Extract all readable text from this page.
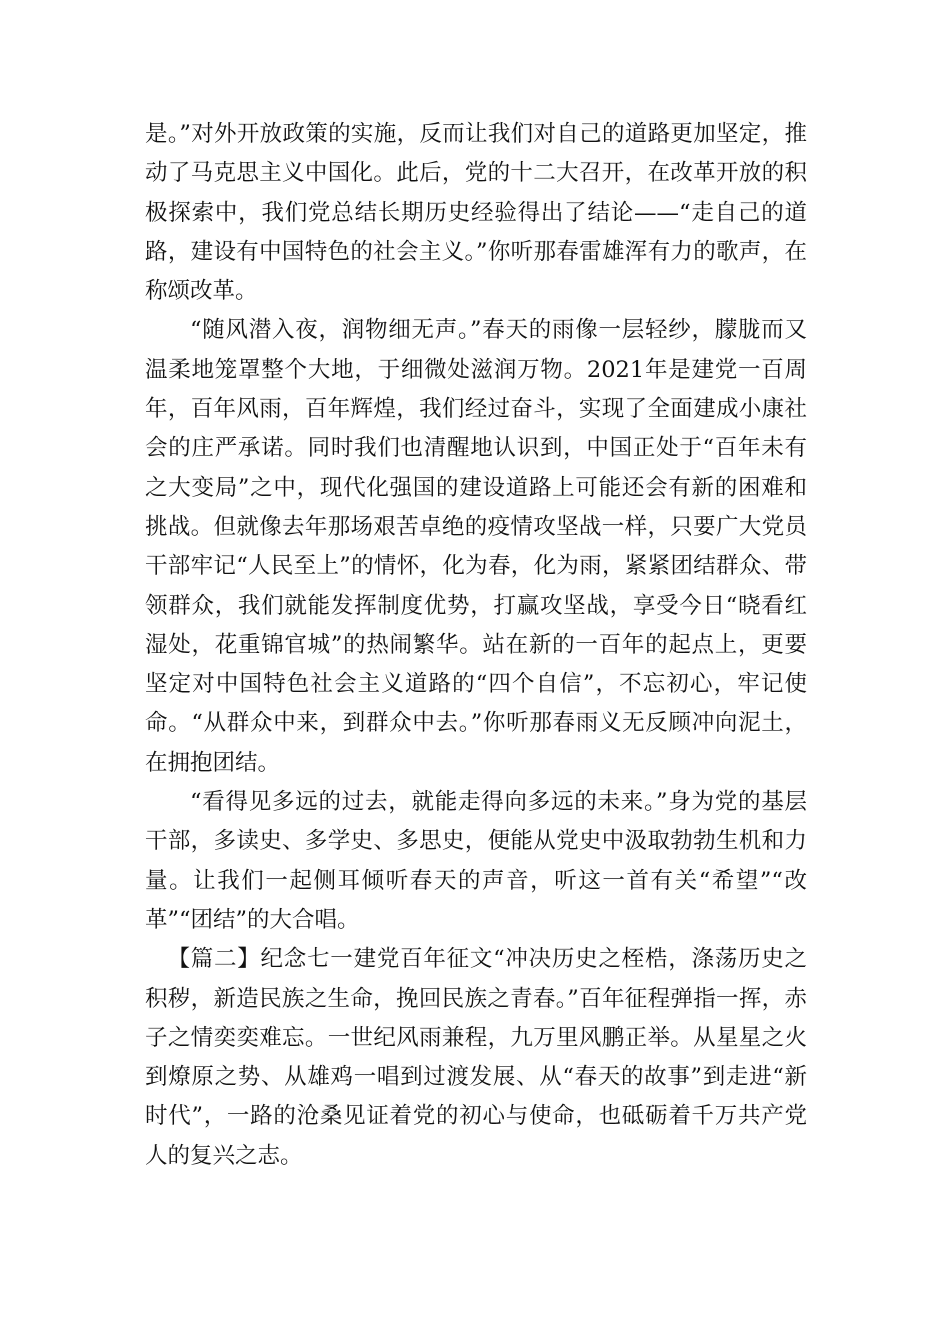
是。”对外开放政策的实施，反而让我们对自己的道路更加坚定，推动了马克思主义中国化。此后，党的十二大召开，在改革开放的积极探索中，我们党总结长期历史经验得出了结论——“走自己的道路，建设有中国特色的社会主义。”你听那春雷雄浑有力的歌声，在称颂改革。

“随风潜入夜，润物细无声。”春天的雨像一层轻纱，朦胧而又温柔地笼罩整个大地，于细微处滋润万物。2021年是建党一百周年，百年风雨，百年辉煌，我们经过奋斗，实现了全面建成小康社会的庄严承诺。同时我们也清醒地认识到，中国正处于“百年未有之大变局”之中，现代化强国的建设道路上可能还会有新的困难和挑战。但就像去年那场艰苦卓绝的疫情攻坚战一样，只要广大党员干部牢记“人民至上”的情怀，化为春，化为雨，紧紧团结群众、带领群众，我们就能发挥制度优势，打赢攻坚战，享受今日“晓看红湿处，花重锦官城”的热闹繁华。站在新的一百年的起点上，更要坚定对中国特色社会主义道路的“四个自信”，不忘初心，牢记使命。“从群众中来，到群众中去。”你听那春雨义无反顾冲向泥土，在拥抱团结。

“看得见多远的过去，就能走得向多远的未来。”身为党的基层干部，多读史、多学史、多思史，便能从党史中汲取勃勃生机和力量。让我们一起侧耳倾听春天的声音，听这一首有关“希望”“改革”“团结”的大合唱。

【篇二】纪念七一建党百年征文“冲决历史之桎梏，涤荡历史之积秽，新造民族之生命，挽回民族之青春。”百年征程弹指一挥，赤子之情奕奕难忘。一世纪风雨兼程，九万里风鹏正举。从星星之火到燎原之势、从雄鸡一唱到过渡发展、从“春天的故事”到走进“新时代”，一路的沧桑见证着党的初心与使命，也砥砺着千万共产党人的复兴之志。
